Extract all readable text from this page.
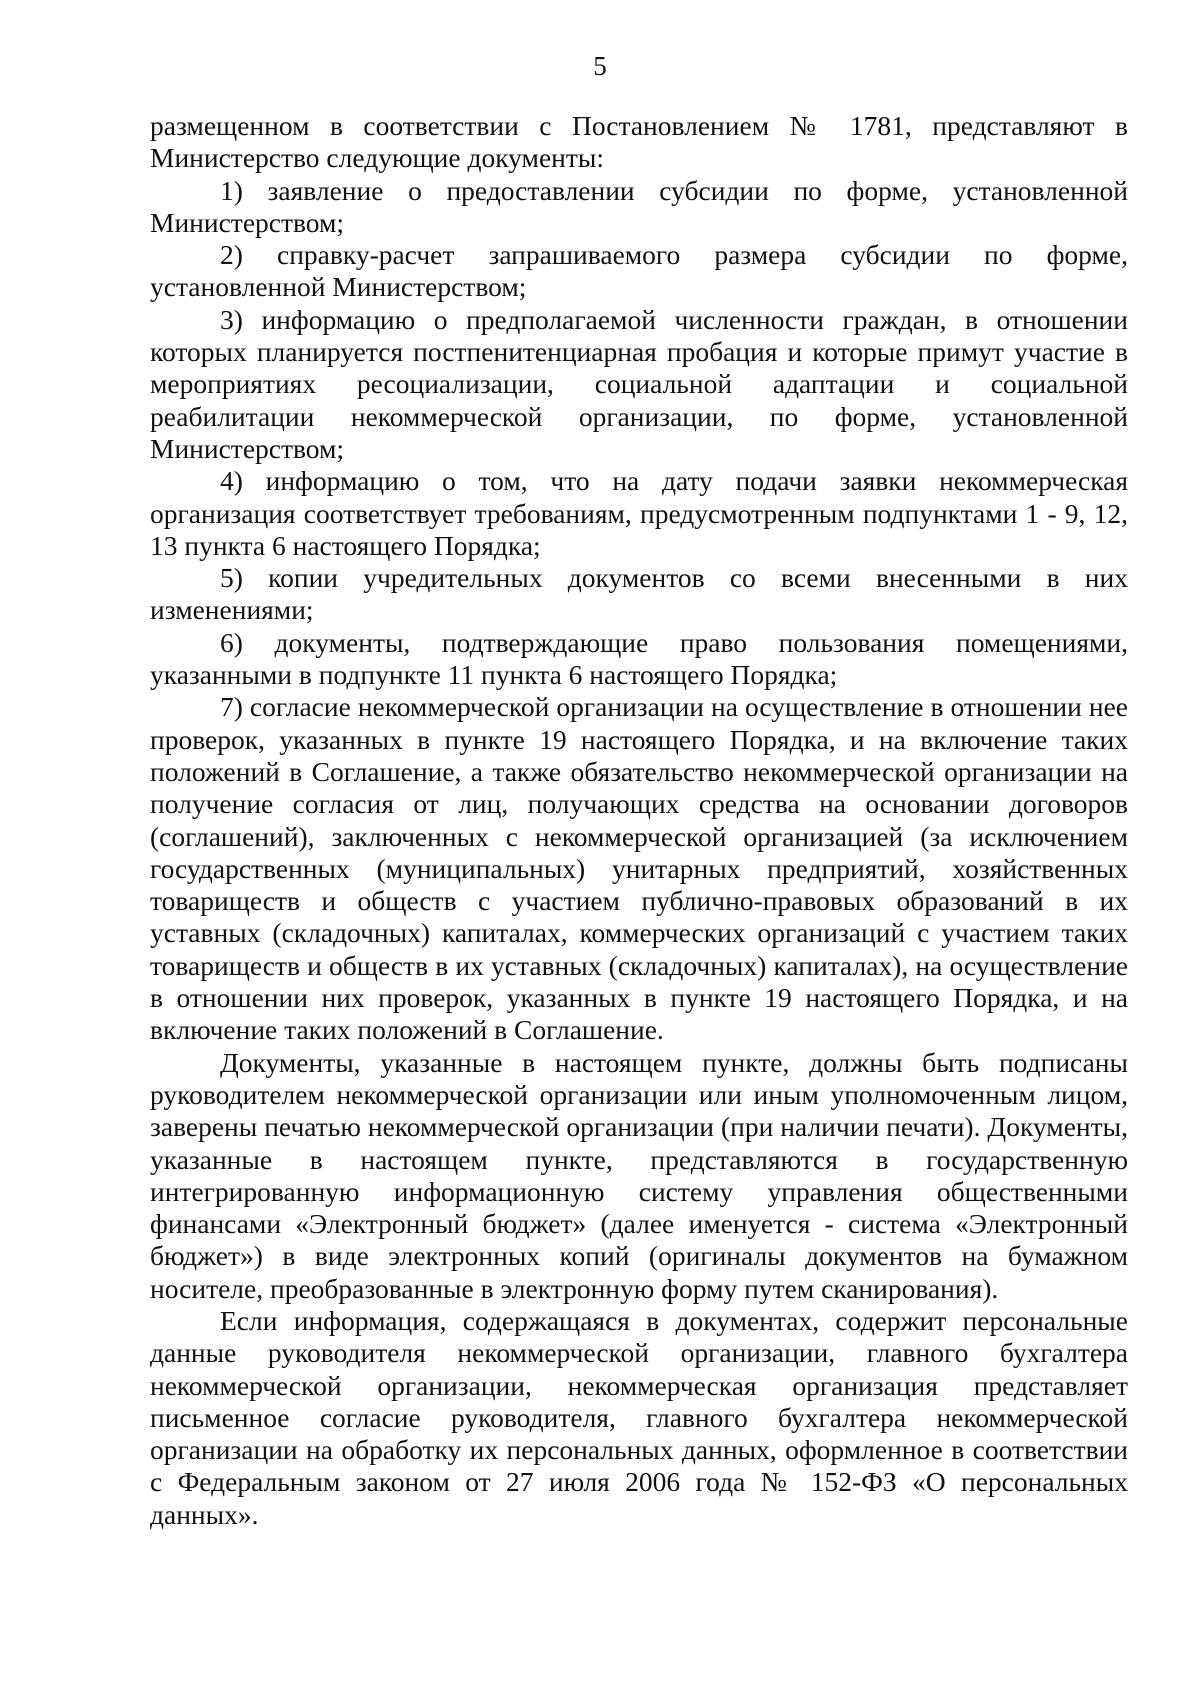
5

размещенном в соответствии с Постановлением № 1781, представляют в Министерство следующие документы:

1) заявление о предоставлении субсидии по форме, установленной Министерством;

2) справку-расчет запрашиваемого размера субсидии по форме, установленной Министерством;

3) информацию о предполагаемой численности граждан, в отношении которых планируется постпенитенциарная пробация и которые примут участие в мероприятиях ресоциализации, социальной адаптации и социальной реабилитации некоммерческой организации, по форме, установленной Министерством;

4) информацию о том, что на дату подачи заявки некоммерческая организация соответствует требованиям, предусмотренным подпунктами 1 - 9, 12, 13 пункта 6 настоящего Порядка;

5) копии учредительных документов со всеми внесенными в них изменениями;

6) документы, подтверждающие право пользования помещениями, указанными в подпункте 11 пункта 6 настоящего Порядка;

7) согласие некоммерческой организации на осуществление в отношении нее проверок, указанных в пункте 19 настоящего Порядка, и на включение таких положений в Соглашение, а также обязательство некоммерческой организации на получение согласия от лиц, получающих средства на основании договоров (соглашений), заключенных с некоммерческой организацией (за исключением государственных (муниципальных) унитарных предприятий, хозяйственных товариществ и обществ с участием публично-правовых образований в их уставных (складочных) капиталах, коммерческих организаций с участием таких товариществ и обществ в их уставных (складочных) капиталах), на осуществление в отношении них проверок, указанных в пункте 19 настоящего Порядка, и на включение таких положений в Соглашение.

Документы, указанные в настоящем пункте, должны быть подписаны руководителем некоммерческой организации или иным уполномоченным лицом, заверены печатью некоммерческой организации (при наличии печати). Документы, указанные в настоящем пункте, представляются в государственную интегрированную информационную систему управления общественными финансами «Электронный бюджет» (далее именуется - система «Электронный бюджет») в виде электронных копий (оригиналы документов на бумажном носителе, преобразованные в электронную форму путем сканирования).

Если информация, содержащаяся в документах, содержит персональные данные руководителя некоммерческой организации, главного бухгалтера некоммерческой организации, некоммерческая организация представляет письменное согласие руководителя, главного бухгалтера некоммерческой организации на обработку их персональных данных, оформленное в соответствии с Федеральным законом от 27 июля 2006 года № 152-ФЗ «О персональных данных».
